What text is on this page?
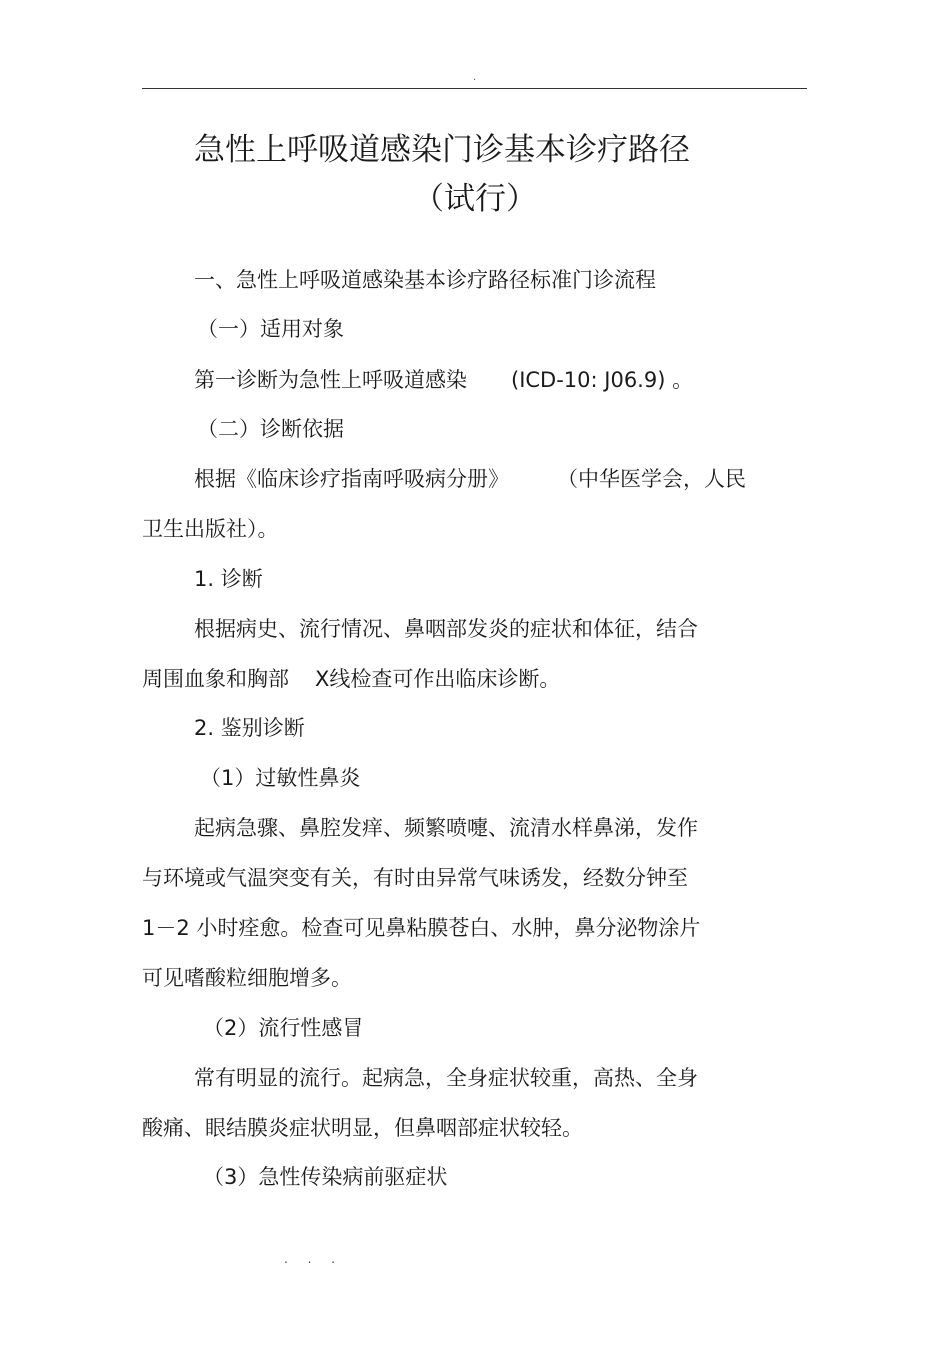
.
急性上呼吸道感染门诊基本诊疗路径
（试行）

一、急性上呼吸道感染基本诊疗路径标准门诊流程

（一）适用对象

第一诊断为急性上呼吸道感染 (ICD-10: J06.9) 。

（二）诊断依据

根据《临床诊疗指南呼吸病分册》 （中华医学会，人民

卫生出版社）。

1. 诊断

根据病史、流行情况、鼻咽部发炎的症状和体征，结合

周围血象和胸部 X线检查可作出临床诊断。

2. 鉴别诊断

（1）过敏性鼻炎

起病急骤、鼻腔发痒、频繁喷嚏、流清水样鼻涕，发作

与环境或气温突变有关，有时由异常气味诱发，经数分钟至

1－2 小时痊愈。检查可见鼻粘膜苍白、水肿，鼻分泌物涂片

可见嗜酸粒细胞增多。

（2）流行性感冒

常有明显的流行。起病急，全身症状较重，高热、全身

酸痛、眼结膜炎症状明显，但鼻咽部症状较轻。

（3）急性传染病前驱症状

. . .
